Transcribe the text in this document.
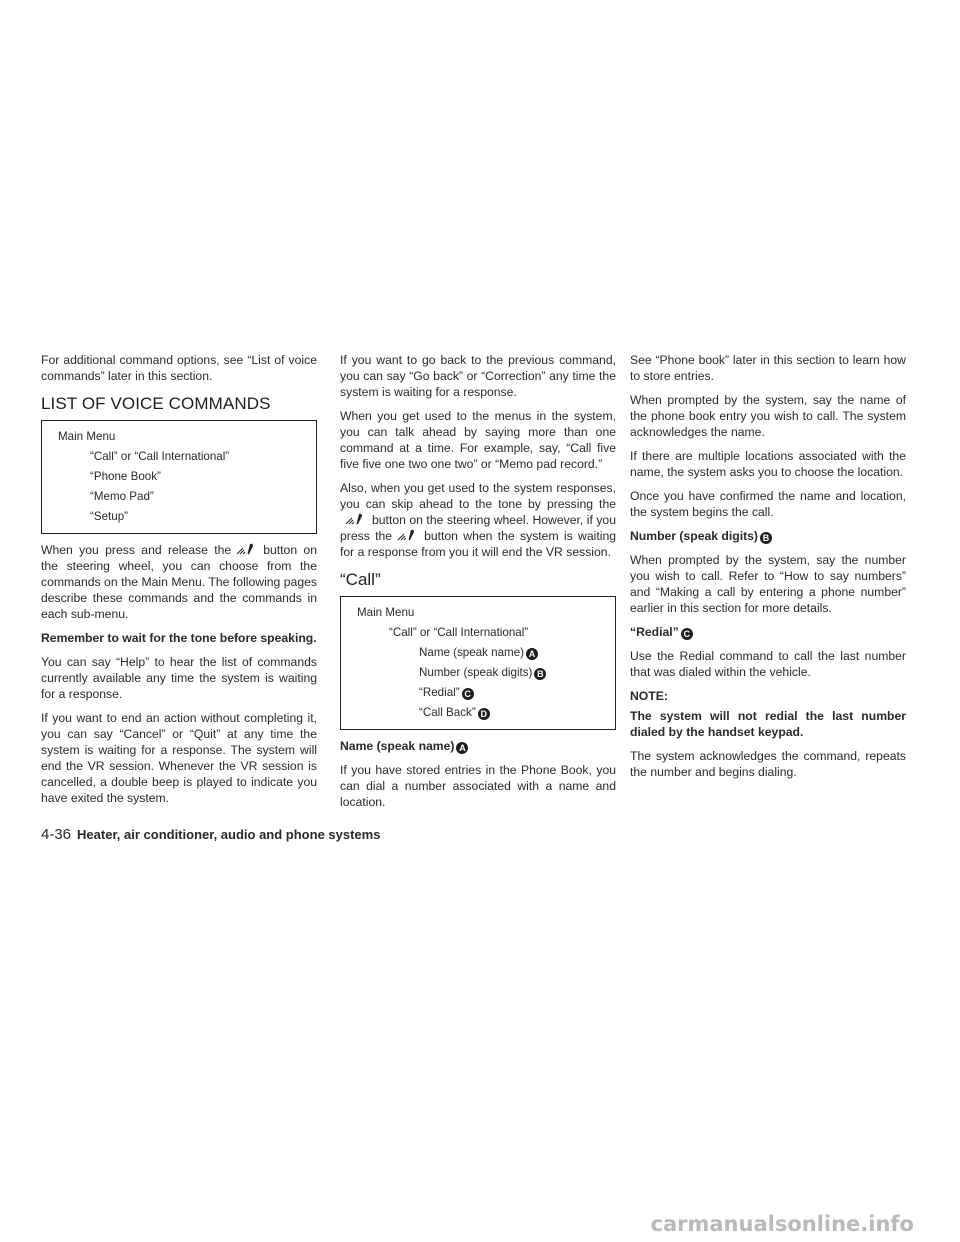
For additional command options, see “List of voice commands” later in this section.

LIST OF VOICE COMMANDS
Main Menu
“Call” or “Call International”
“Phone Book”
“Memo Pad”
“Setup”

When you press and release the	button on the steering wheel, you can choose from the commands on the Main Menu. The following pages describe these commands and the commands in each sub-menu.

Remember to wait for the tone before speaking.

You can say “Help” to hear the list of commands currently available any time the system is waiting for a response.

If you want to end an action without completing it, you can say “Cancel” or “Quit” at any time the system is waiting for a response. The system will end the VR session. Whenever the VR session is cancelled, a double beep is played to indicate you have exited the system.

If you want to go back to the previous command, you can say “Go back” or “Correction” any time the system is waiting for a response.

When you get used to the menus in the system, you can talk ahead by saying more than one command at a time. For example, say, “Call five five five one two one two” or “Memo pad record.”

Also, when you get used to the system responses, you can skip ahead to the tone by pressing thebutton on the steering wheel. However, if you press the	button when the system is waiting for a response from you it will end the VR session.

“Call”
Main Menu
“Call” or “Call International”
Name (speak name) A
Number (speak digits) B
“Redial” C
“Call Back” D

Name (speak name) A

If you have stored entries in the Phone Book, you can dial a number associated with a name and location.

See “Phone book” later in this section to learn how to store entries.

When prompted by the system, say the name of the phone book entry you wish to call. The system acknowledges the name.

If there are multiple locations associated with the name, the system asks you to choose the location.

Once you have confirmed the name and location, the system begins the call.

Number (speak digits) B

When prompted by the system, say the number you wish to call. Refer to “How to say numbers” and “Making a call by entering a phone number” earlier in this section for more details.

“Redial” C

Use the Redial command to call the last number that was dialed within the vehicle.

NOTE:

The system will not redial the last number dialed by the handset keypad.

The system acknowledges the command, repeats the number and begins dialing.

4-36 Heater, air conditioner, audio and phone systems
carmanualsonline.info
